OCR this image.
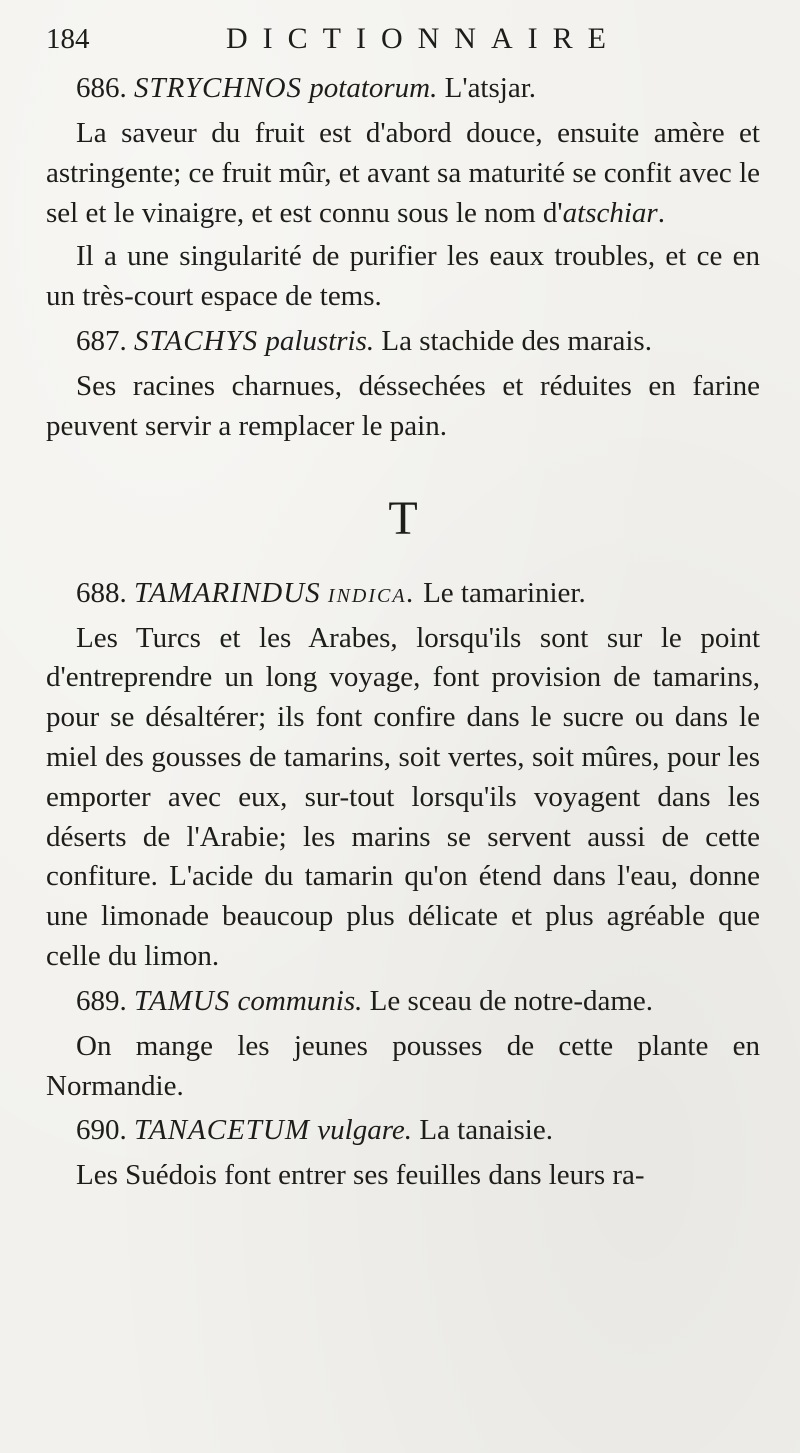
184	DICTIONNAIRE
686. STRYCHNOS potatorum. L'atsjar.

La saveur du fruit est d'abord douce, ensuite amère et astringente; ce fruit mûr, et avant sa maturité se confit avec le sel et le vinaigre, et est connu sous le nom d'atschiar.

Il a une singularité de purifier les eaux troubles, et ce en un très-court espace de tems.

687. STACHYS palustris. La stachide des marais.

Ses racines charnues, déssechées et réduites en farine peuvent servir a remplacer le pain.

T
688. TAMARINDUS indica. Le tamarinier.

Les Turcs et les Arabes, lorsqu'ils sont sur le point d'entreprendre un long voyage, font provision de tamarins, pour se désaltérer; ils font confire dans le sucre ou dans le miel des gousses de tamarins, soit vertes, soit mûres, pour les emporter avec eux, sur-tout lorsqu'ils voyagent dans les déserts de l'Arabie; les marins se servent aussi de cette confiture. L'acide du tamarin qu'on étend dans l'eau, donne une limonade beaucoup plus délicate et plus agréable que celle du limon.

689. TAMUS communis. Le sceau de notre-dame.

On mange les jeunes pousses de cette plante en Normandie.

690. TANACETUM vulgare. La tanaisie.

Les Suédois font entrer ses feuilles dans leurs ra-
